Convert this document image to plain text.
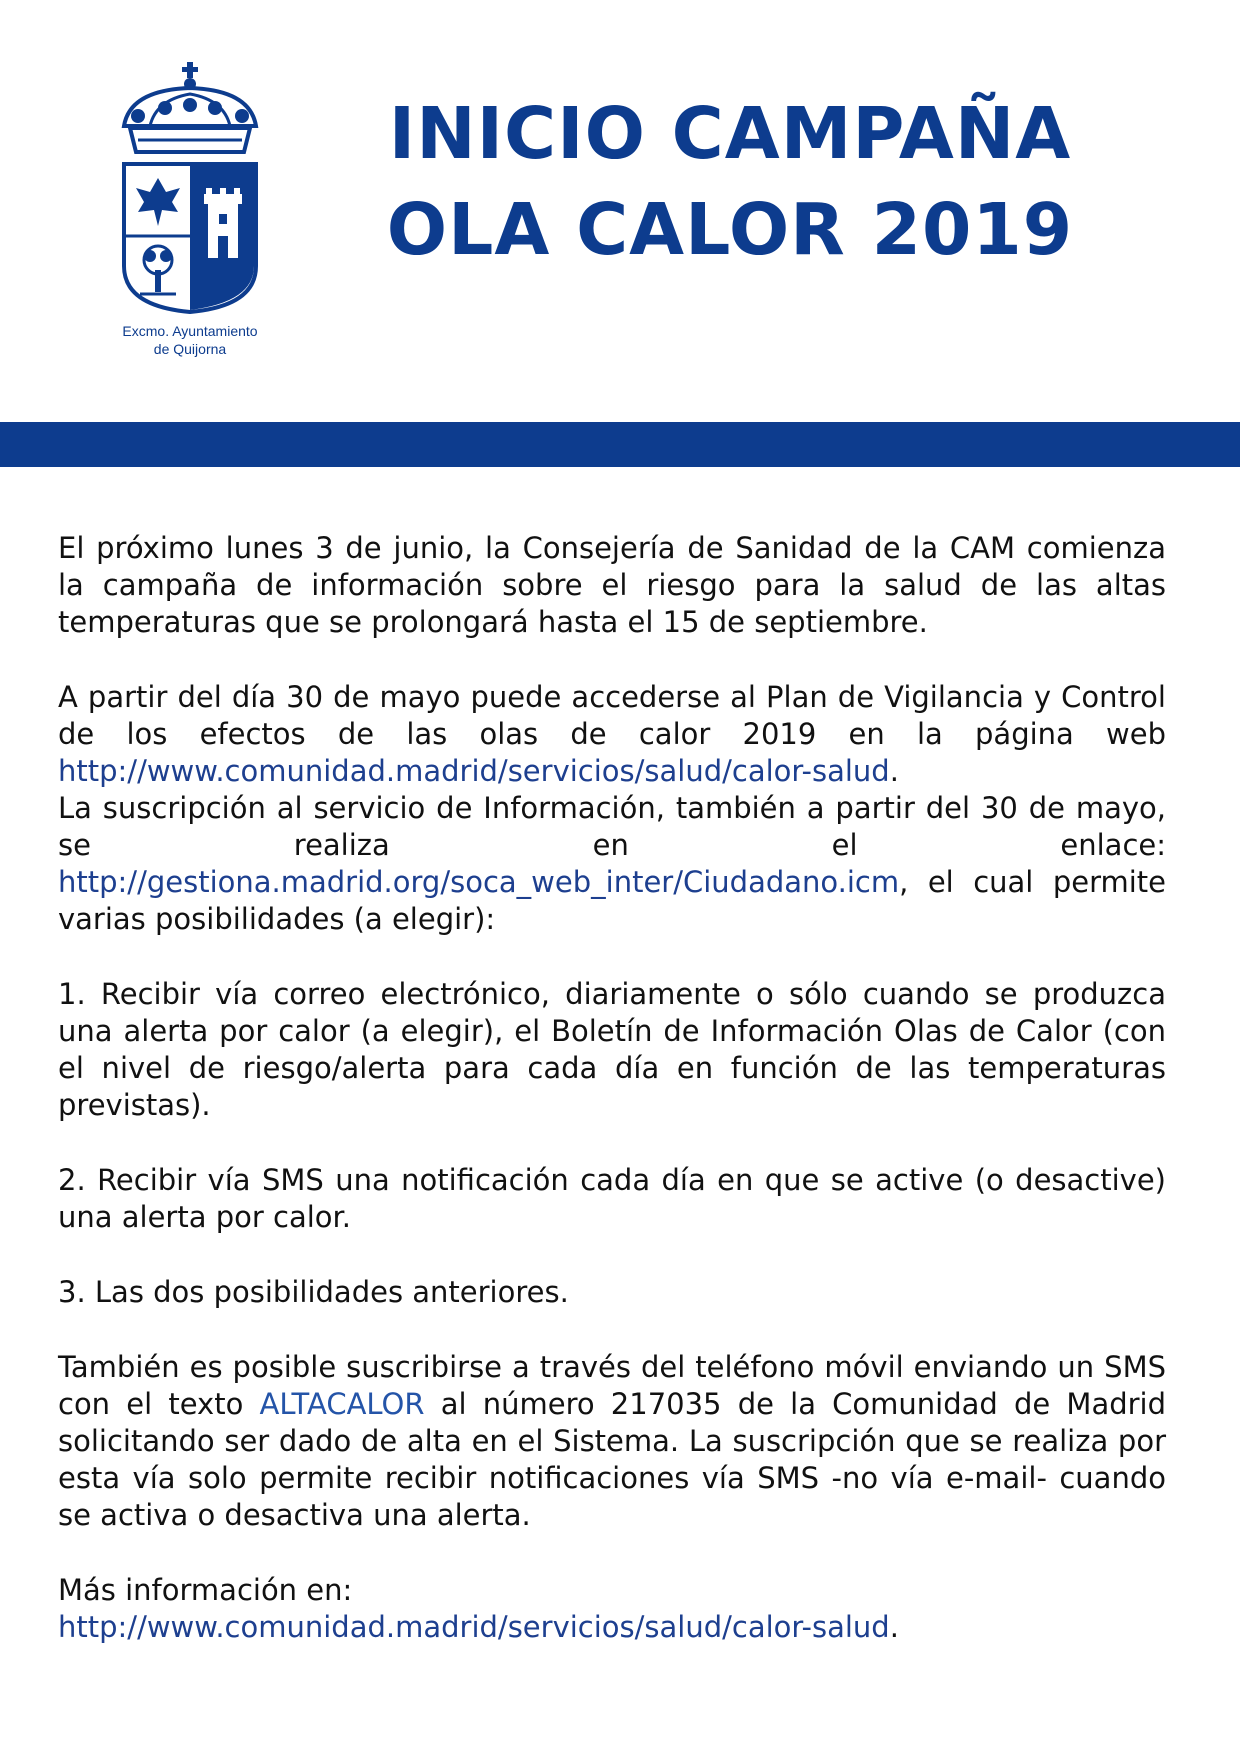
Excmo. Ayuntamiento
de Quijorna
INICIO CAMPAÑA
OLA CALOR 2019

El próximo lunes 3 de junio, la Consejería de Sanidad de la CAM comienza la campaña de información sobre el riesgo para la salud de las altas temperaturas que se prolongará hasta el 15 de septiembre.

A partir del día 30 de mayo puede accederse al Plan de Vigilancia y Control de los efectos de las olas de calor 2019 en la página web http://www.comunidad.madrid/servicios/salud/calor-salud.

La suscripción al servicio de Información, también a partir del 30 de mayo, se realiza en el enlace: http://gestiona.madrid.org/soca_web_inter/Ciudadano.icm, el cual permite varias posibilidades (a elegir):

1. Recibir vía correo electrónico, diariamente o sólo cuando se produzca una alerta por calor (a elegir), el Boletín de Información Olas de Calor (con el nivel de riesgo/alerta para cada día en función de las temperaturas previstas).

2. Recibir vía SMS una notificación cada día en que se active (o desactive) una alerta por calor.

3. Las dos posibilidades anteriores.

También es posible suscribirse a través del teléfono móvil enviando un SMS con el texto ALTACALOR al número 217035 de la Comunidad de Madrid solicitando ser dado de alta en el Sistema. La suscripción que se realiza por esta vía solo permite recibir notificaciones vía SMS -no vía e-mail- cuando se activa o desactiva una alerta.

Más información en:
http://www.comunidad.madrid/servicios/salud/calor-salud.
